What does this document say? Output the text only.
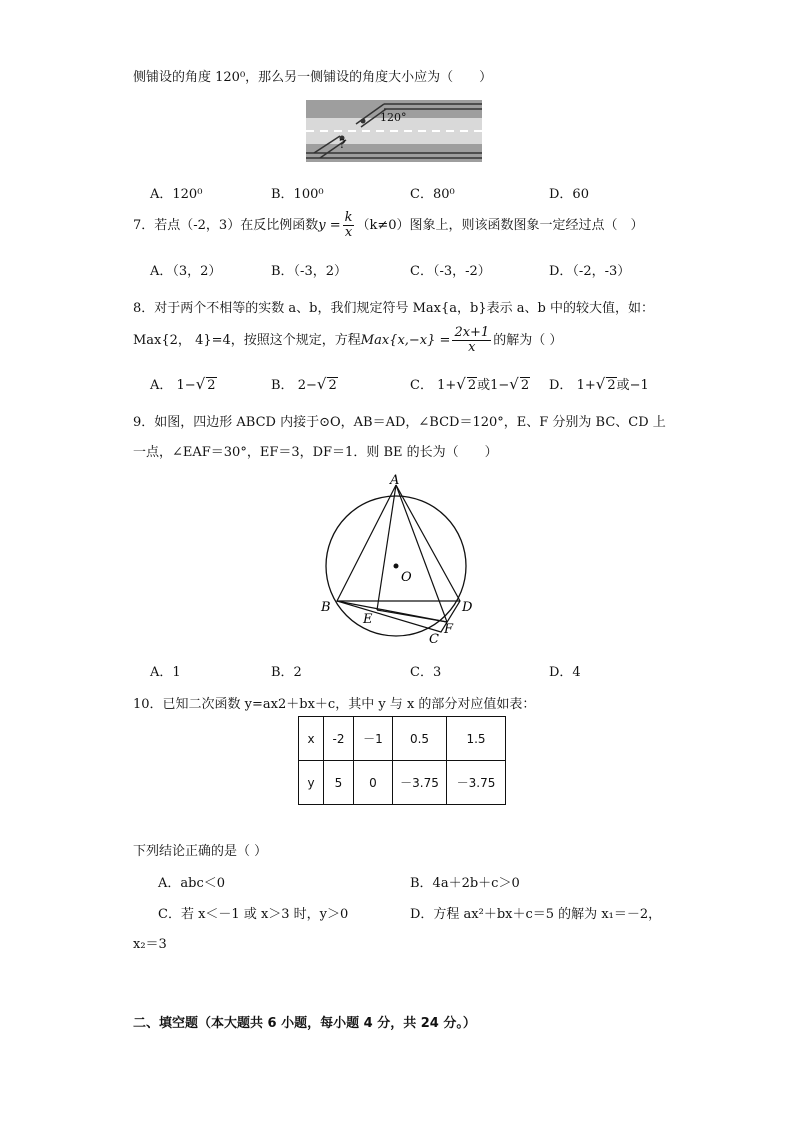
侧铺设的角度 120⁰，那么另一侧铺设的角度大小应为（　　）
120°
?
A．120⁰	B．100⁰	C．80⁰	D．60
7．若点（-2，3）在反比例函数$y = \frac{k}{x} (k\ne 0)$图象上，则该函数图象一定经过点（　）
A．（3，2）	B．（-3，2）	C．（-3，-2）	D．（-2，-3）
8．对于两个不相等的实数 a、b，我们规定符号 Max{a，b}表示 a、b 中的较大值，如：
Max{2， 4}=4，按照这个规定，方程$Max\{x,-x\} = \frac{2x+1}{x}$ 的解为（ ）
A． 1−√ 2	B． 2−√ 2	C． 1+√ 2或1−√ 2 D． 1+√ 2或−1
9．如图，四边形 ABCD 内接于⊙O，AB＝AD，∠BCD＝120°，E、F 分别为 BC、CD 上
一点，∠EAF＝30°，EF＝3，DF＝1．则 BE 的长为（　　）
A
B
C
D
E
F
O
A．1	B．2	C．3	D．4
10．已知二次函数 y=ax2＋bx＋c，其中 y 与 x 的部分对应值如表：
x	-2	－1	0.5	1.5
y	5	0	－3.75	－3.75
下列结论正确的是（ ）
A．abc＜0	B．4a＋2b＋c＞0
C．若 x＜－1 或 x＞3 时，y＞0	D．方程 ax²＋bx＋c＝5 的解为 x₁＝－2，
x₂＝3
二、填空题（本大题共 6 小题，每小题 4 分，共 24 分。）
